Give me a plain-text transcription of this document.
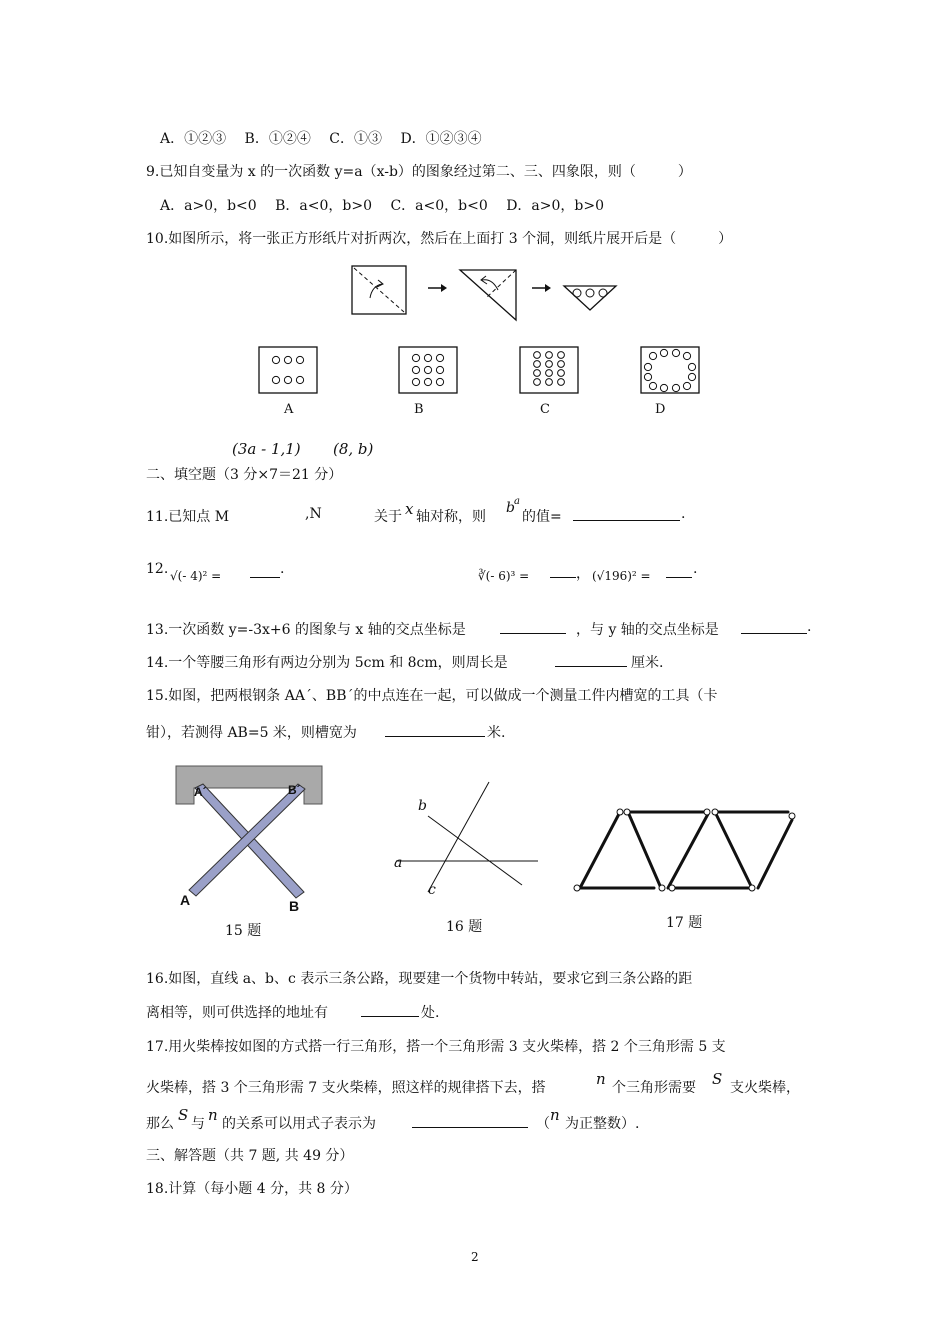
A．①②③　 B．①②④　 C．①③　 D．①②③④
9.已知自变量为 x 的一次函数 y=a（x-b）的图象经过第二、三、四象限，则（　　　）
A．a>0，b<0　 B．a<0，b>0　 C．a<0，b<0　 D．a>0，b>0
10.如图所示，将一张正方形纸片对折两次，然后在上面打 3 个洞，则纸片展开后是（　　　）
A	B	C	D
(3a - 1,1) (8, b)
二、填空题（3 分×7＝21 分）
11.已知点 M	,N	关于 x 轴对称，则
b a
的值=	.
12. √(- 4)² =	.	∛(- 6)³ =	， (√196)² =	.
13.一次函数 y=-3x+6 的图象与 x 轴的交点坐标是	，与 y 轴的交点坐标是	.
14.一个等腰三角形有两边分别为 5cm 和 8cm，则周长是	厘米.
15.如图，把两根钢条 AA´、BB´的中点连在一起，可以做成一个测量工件内槽宽的工具（卡
钳），若测得 AB=5 米，则槽宽为	米.
A´	B´
A	B
15 题
b
a
c
16 题	17 题
16.如图，直线 a、b、c 表示三条公路，现要建一个货物中转站，要求它到三条公路的距
离相等，则可供选择的地址有	处.
17.用火柴棒按如图的方式搭一行三角形，搭一个三角形需 3 支火柴棒，搭 2 个三角形需 5 支
火柴棒，搭 3 个三角形需 7 支火柴棒，照这样的规律搭下去，搭	n 个三角形需要 S 支火柴棒，
那么 S 与 n 的关系可以用式子表示为	（ n 为正整数）.
三、解答题（共 7 题, 共 49 分）
18.计算（每小题 4 分，共 8 分）
2
